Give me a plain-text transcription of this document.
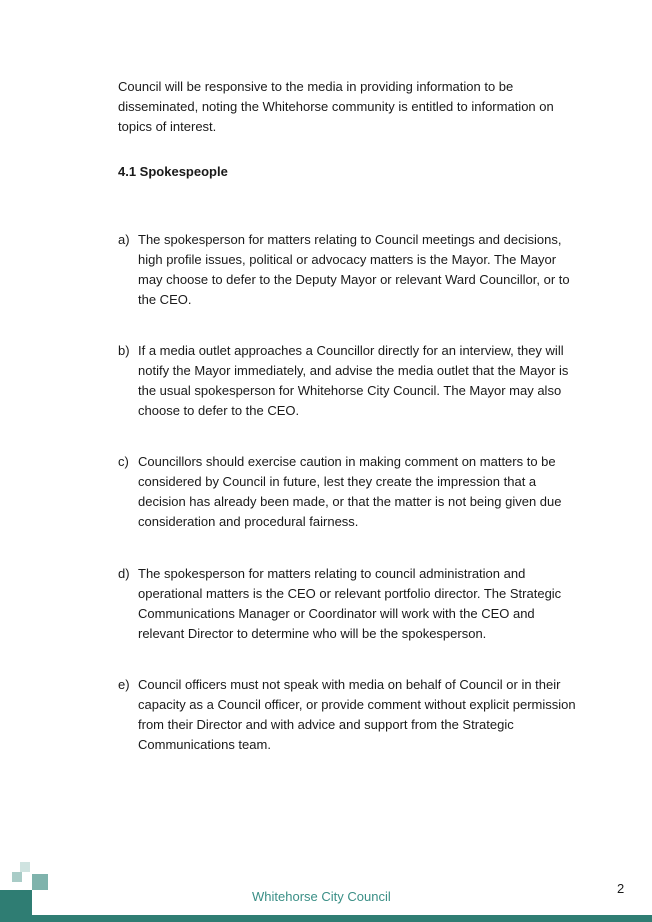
Council will be responsive to the media in providing information to be disseminated, noting the Whitehorse community is entitled to information on topics of interest.

4.1 Spokespeople

a) The spokesperson for matters relating to Council meetings and decisions, high profile issues, political or advocacy matters is the Mayor. The Mayor may choose to defer to the Deputy Mayor or relevant Ward Councillor, or to the CEO.
b) If a media outlet approaches a Councillor directly for an interview, they will notify the Mayor immediately, and advise the media outlet that the Mayor is the usual spokesperson for Whitehorse City Council. The Mayor may also choose to defer to the CEO.
c) Councillors should exercise caution in making comment on matters to be considered by Council in future, lest they create the impression that a decision has already been made, or that the matter is not being given due consideration and procedural fairness.
d) The spokesperson for matters relating to council administration and operational matters is the CEO or relevant portfolio director. The Strategic Communications Manager or Coordinator will work with the CEO and relevant Director to determine who will be the spokesperson.
e) Council officers must not speak with media on behalf of Council or in their capacity as a Council officer, or provide comment without explicit permission from their Director and with advice and support from the Strategic Communications team.
Whitehorse City Council
2
